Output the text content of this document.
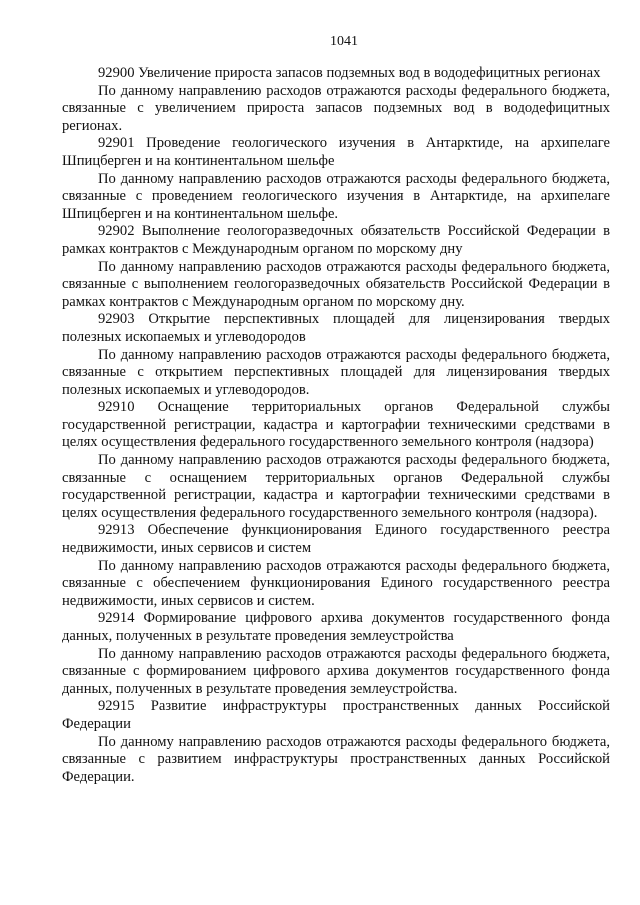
1041

92900 Увеличение прироста запасов подземных вод в вододефицитных регионах

По данному направлению расходов отражаются расходы федерального бюджета, связанные с увеличением прироста запасов подземных вод в вододефицитных регионах.

92901 Проведение геологического изучения в Антарктиде, на архипелаге Шпицберген и на континентальном шельфе

По данному направлению расходов отражаются расходы федерального бюджета, связанные с проведением геологического изучения в Антарктиде, на архипелаге Шпицберген и на континентальном шельфе.

92902 Выполнение геологоразведочных обязательств Российской Федерации в рамках контрактов с Международным органом по морскому дну

По данному направлению расходов отражаются расходы федерального бюджета, связанные с выполнением геологоразведочных обязательств Российской Федерации в рамках контрактов с Международным органом по морскому дну.

92903 Открытие перспективных площадей для лицензирования твердых полезных ископаемых и углеводородов

По данному направлению расходов отражаются расходы федерального бюджета, связанные с открытием перспективных площадей для лицензирования твердых полезных ископаемых и углеводородов.

92910 Оснащение территориальных органов Федеральной службы государственной регистрации, кадастра и картографии техническими средствами в целях осуществления федерального государственного земельного контроля (надзора)

По данному направлению расходов отражаются расходы федерального бюджета, связанные с оснащением территориальных органов Федеральной службы государственной регистрации, кадастра и картографии техническими средствами в целях осуществления федерального государственного земельного контроля (надзора).

92913 Обеспечение функционирования Единого государственного реестра недвижимости, иных сервисов и систем

По данному направлению расходов отражаются расходы федерального бюджета, связанные с обеспечением функционирования Единого государственного реестра недвижимости, иных сервисов и систем.

92914 Формирование цифрового архива документов государственного фонда данных, полученных в результате проведения землеустройства

По данному направлению расходов отражаются расходы федерального бюджета, связанные с формированием цифрового архива документов государственного фонда данных, полученных в результате проведения землеустройства.

92915 Развитие инфраструктуры пространственных данных Российской Федерации

По данному направлению расходов отражаются расходы федерального бюджета, связанные с развитием инфраструктуры пространственных данных Российской Федерации.
